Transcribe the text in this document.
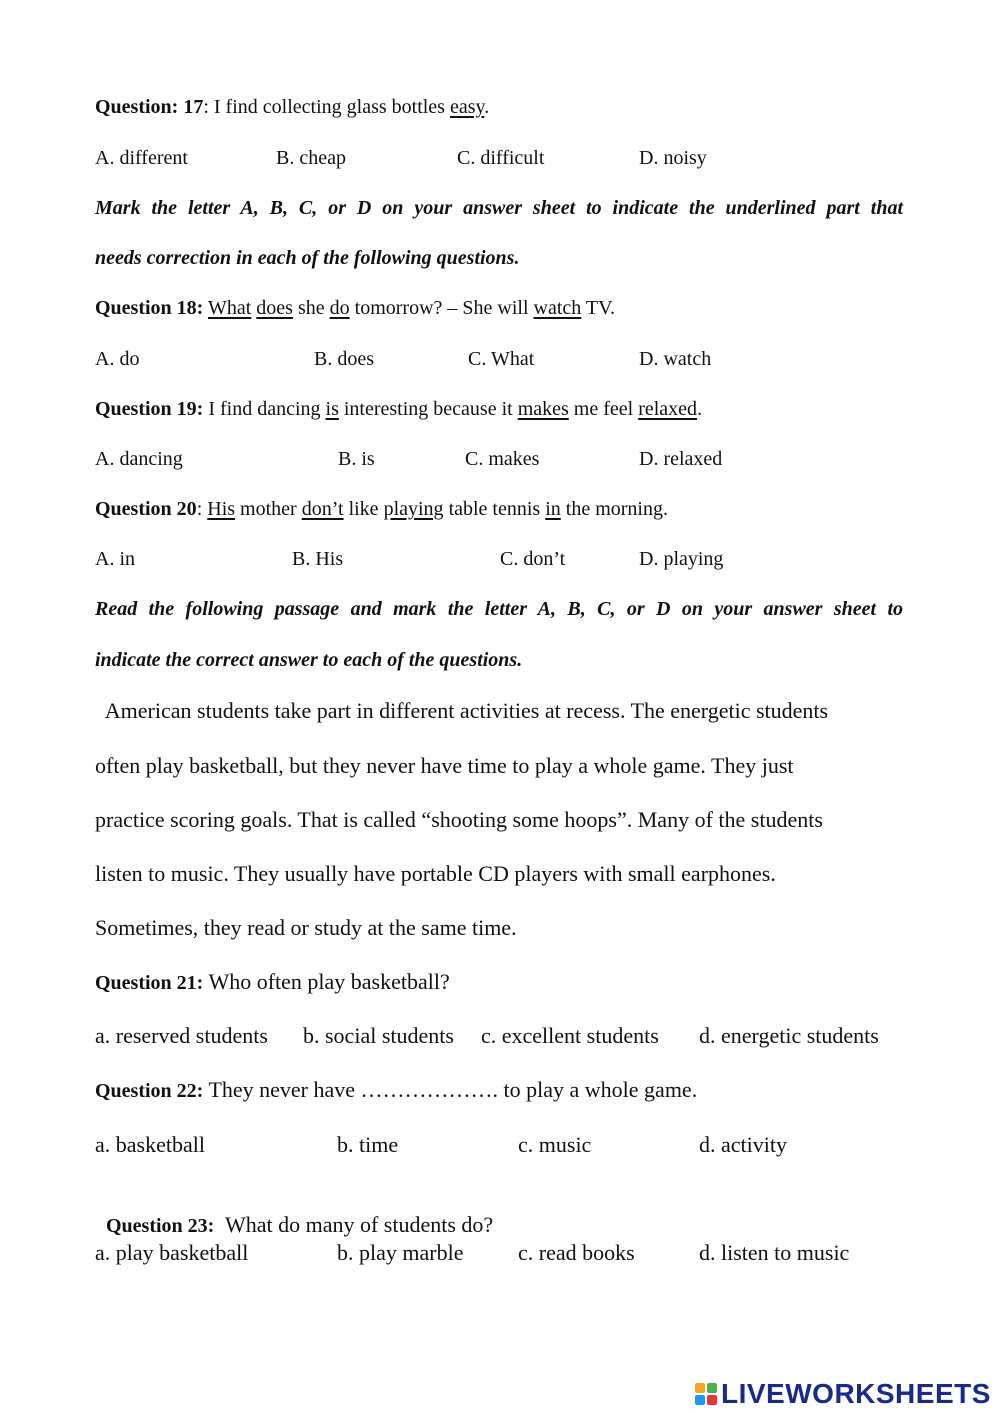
Question: 17: I find collecting glass bottles easy.
A. different	B. cheap	C. difficult	D. noisy
Mark the letter A, B, C, or D on your answer sheet to indicate the underlined part that
needs correction in each of the following questions.
Question 18: What does she do tomorrow? – She will watch TV.
A. do	B. does	C. What	D. watch
Question 19: I find dancing is interesting because it makes me feel relaxed.
A. dancing	B. is	C. makes	D. relaxed
Question 20: His mother don’t like playing table tennis in the morning.
A. in	B. His	C. don’t	D. playing
Read the following passage and mark the letter A, B, C, or D on your answer sheet to
indicate the correct answer to each of the questions.
American students take part in different activities at recess. The energetic students
often play basketball, but they never have time to play a whole game. They just
practice scoring goals. That is called “shooting some hoops”. Many of the students
listen to music. They usually have portable CD players with small earphones.
Sometimes, they read or study at the same time.
Question 21: Who often play basketball?
a. reserved students b. social students c. excellent students d. energetic students
Question 22: They never have ………………. to play a whole game.
a. basketball	b. time	c. music	d. activity

Question 23:  What do many of students do?

a. play basketball	b. play marble c. read books	d. listen to music
LIVEWORKSHEETS
